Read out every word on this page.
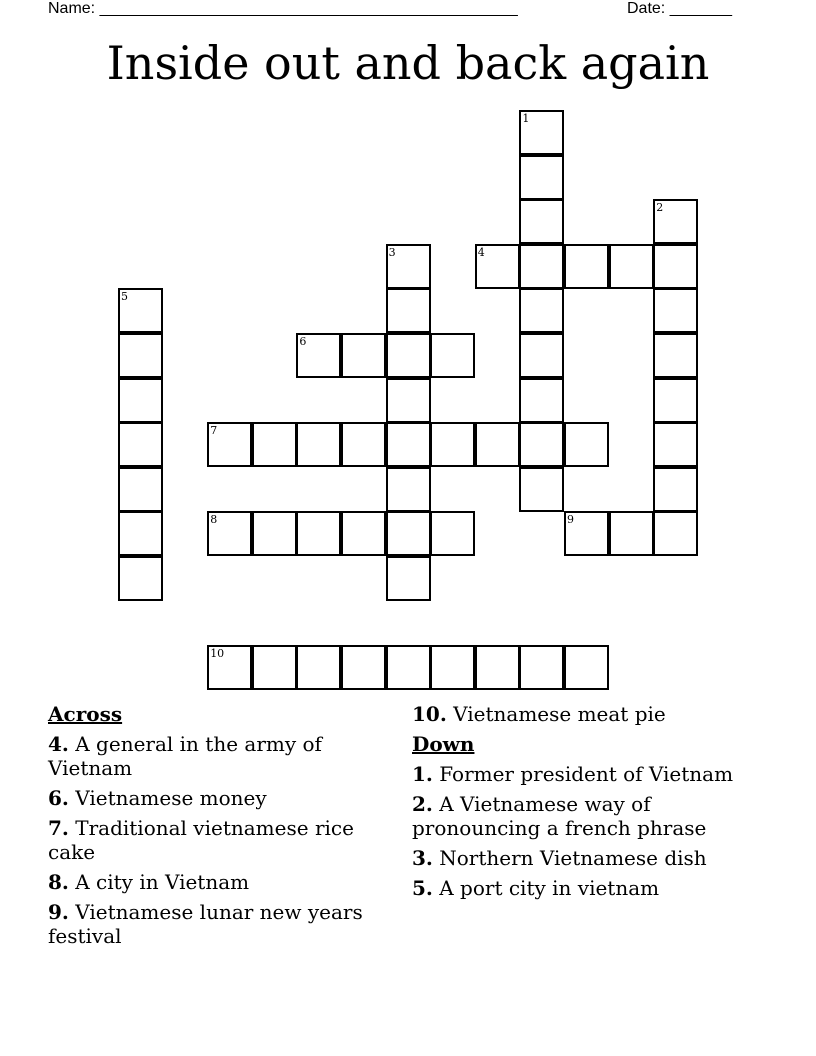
Name: _______________________________________________	Date: _______
Inside out and back again
1
2
3	4
5
6
7
8	9
10
Across
4. A general in the army of Vietnam
6. Vietnamese money
7. Traditional vietnamese rice cake
8. A city in Vietnam
9. Vietnamese lunar new years festival
10. Vietnamese meat pie
Down
1. Former president of Vietnam
2. A Vietnamese way of pronouncing a french phrase
3. Northern Vietnamese dish
5. A port city in vietnam
